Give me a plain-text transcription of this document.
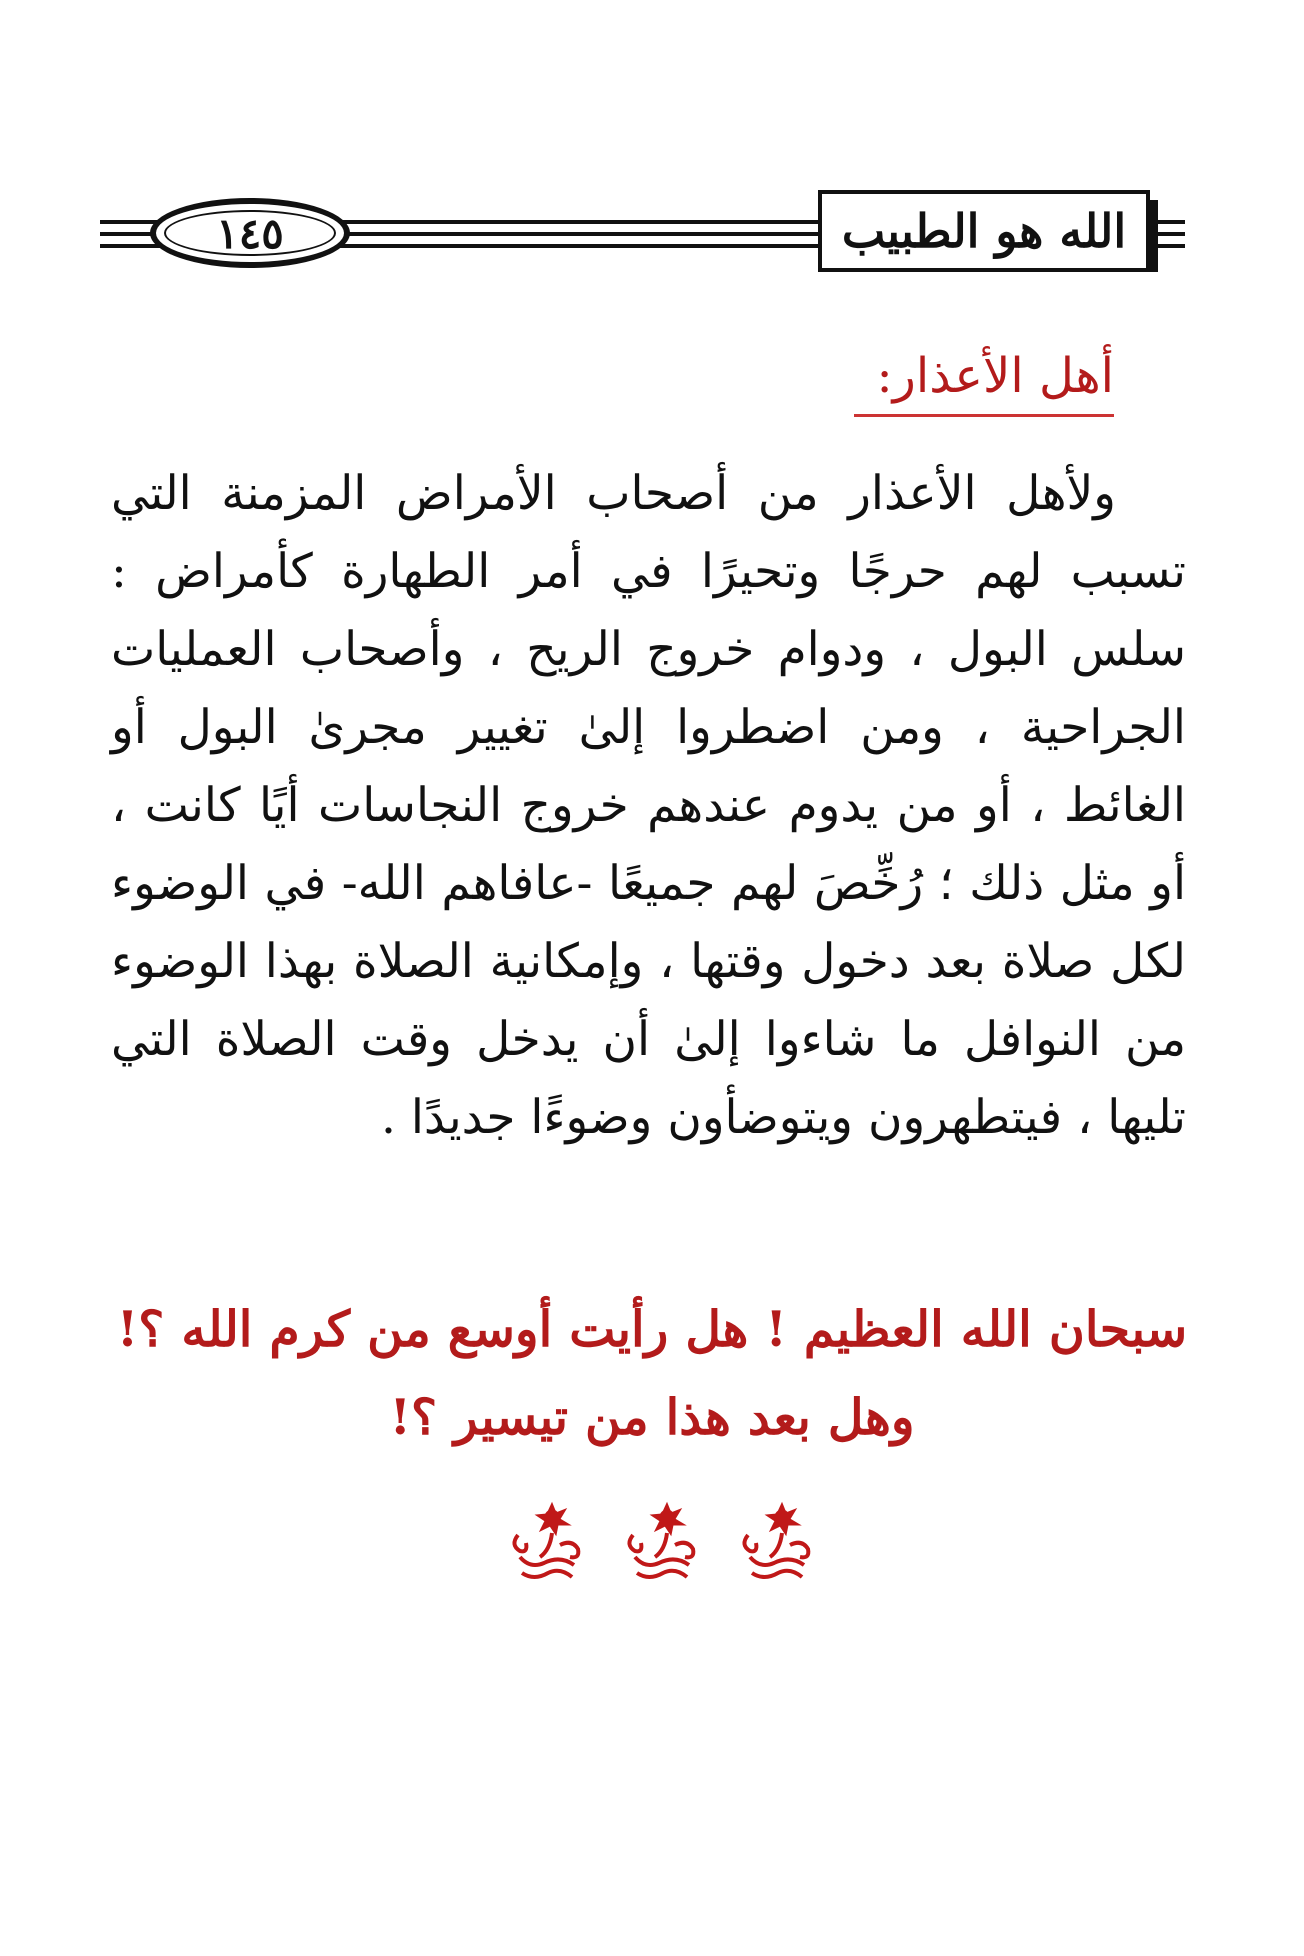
١٤٥	الله هو الطبيب
أهل الأعذار:

ولأهل الأعذار من أصحاب الأمراض المزمنة التي تسبب لهم حرجًا وتحيرًا في أمر الطهارة كأمراض : سلس البول ، ودوام خروج الريح ، وأصحاب العمليات الجراحية ، ومن اضطروا إلىٰ تغيير مجرىٰ البول أو الغائط ، أو من يدوم عندهم خروج النجاسات أيًا كانت ، أو مثل ذلك ؛ رُخِّصَ لهم جميعًا -عافاهم الله- في الوضوء لكل صلاة بعد دخول وقتها ، وإمكانية الصلاة بهذا الوضوء من النوافل ما شاءوا إلىٰ أن يدخل وقت الصلاة التي تليها ، فيتطهرون ويتوضأون وضوءًا جديدًا .

سبحان الله العظيم ! هل رأيت أوسع من كرم الله ؟!
وهل بعد هذا من تيسير ؟!
